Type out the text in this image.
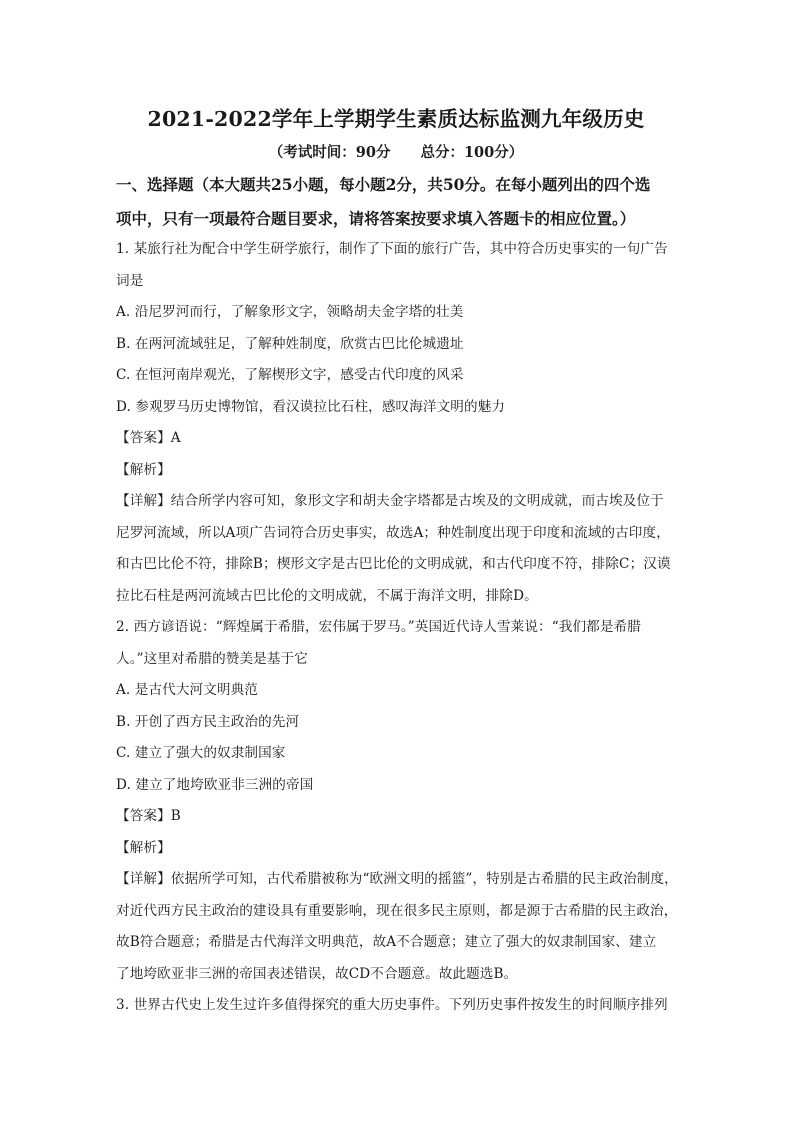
2021-2022学年上学期学生素质达标监测九年级历史

（考试时间：90分 总分：100分）

一、选择题（本大题共25小题，每小题2分，共50分。在每小题列出的四个选

项中，只有一项最符合题目要求，请将答案按要求填入答题卡的相应位置。）

1. 某旅行社为配合中学生研学旅行，制作了下面的旅行广告，其中符合历史事实的一句广告

词是

A. 沿尼罗河而行，了解象形文字，领略胡夫金字塔的壮美

B. 在两河流域驻足，了解种姓制度，欣赏古巴比伦城遗址

C. 在恒河南岸观光，了解楔形文字，感受古代印度的风采

D. 参观罗马历史博物馆，看汉谟拉比石柱，感叹海洋文明的魅力

【答案】A

【解析】

【详解】结合所学内容可知，象形文字和胡夫金字塔都是古埃及的文明成就，而古埃及位于

尼罗河流域，所以A项广告词符合历史事实，故选A；种姓制度出现于印度和流域的古印度，

和古巴比伦不符，排除B；楔形文字是古巴比伦的文明成就，和古代印度不符，排除C；汉谟

拉比石柱是两河流域古巴比伦的文明成就，不属于海洋文明，排除D。

2. 西方谚语说：“辉煌属于希腊，宏伟属于罗马。”英国近代诗人雪莱说：“我们都是希腊

人。”这里对希腊的赞美是基于它

A. 是古代大河文明典范

B. 开创了西方民主政治的先河

C. 建立了强大的奴隶制国家

D. 建立了地垮欧亚非三洲的帝国

【答案】B

【解析】

【详解】依据所学可知，古代希腊被称为“欧洲文明的摇篮”，特别是古希腊的民主政治制度，

对近代西方民主政治的建设具有重要影响，现在很多民主原则，都是源于古希腊的民主政治，

故B符合题意；希腊是古代海洋文明典范，故A不合题意；建立了强大的奴隶制国家、建立

了地垮欧亚非三洲的帝国表述错误，故CD不合题意。故此题选B。

3. 世界古代史上发生过许多值得探究的重大历史事件。下列历史事件按发生的时间顺序排列
